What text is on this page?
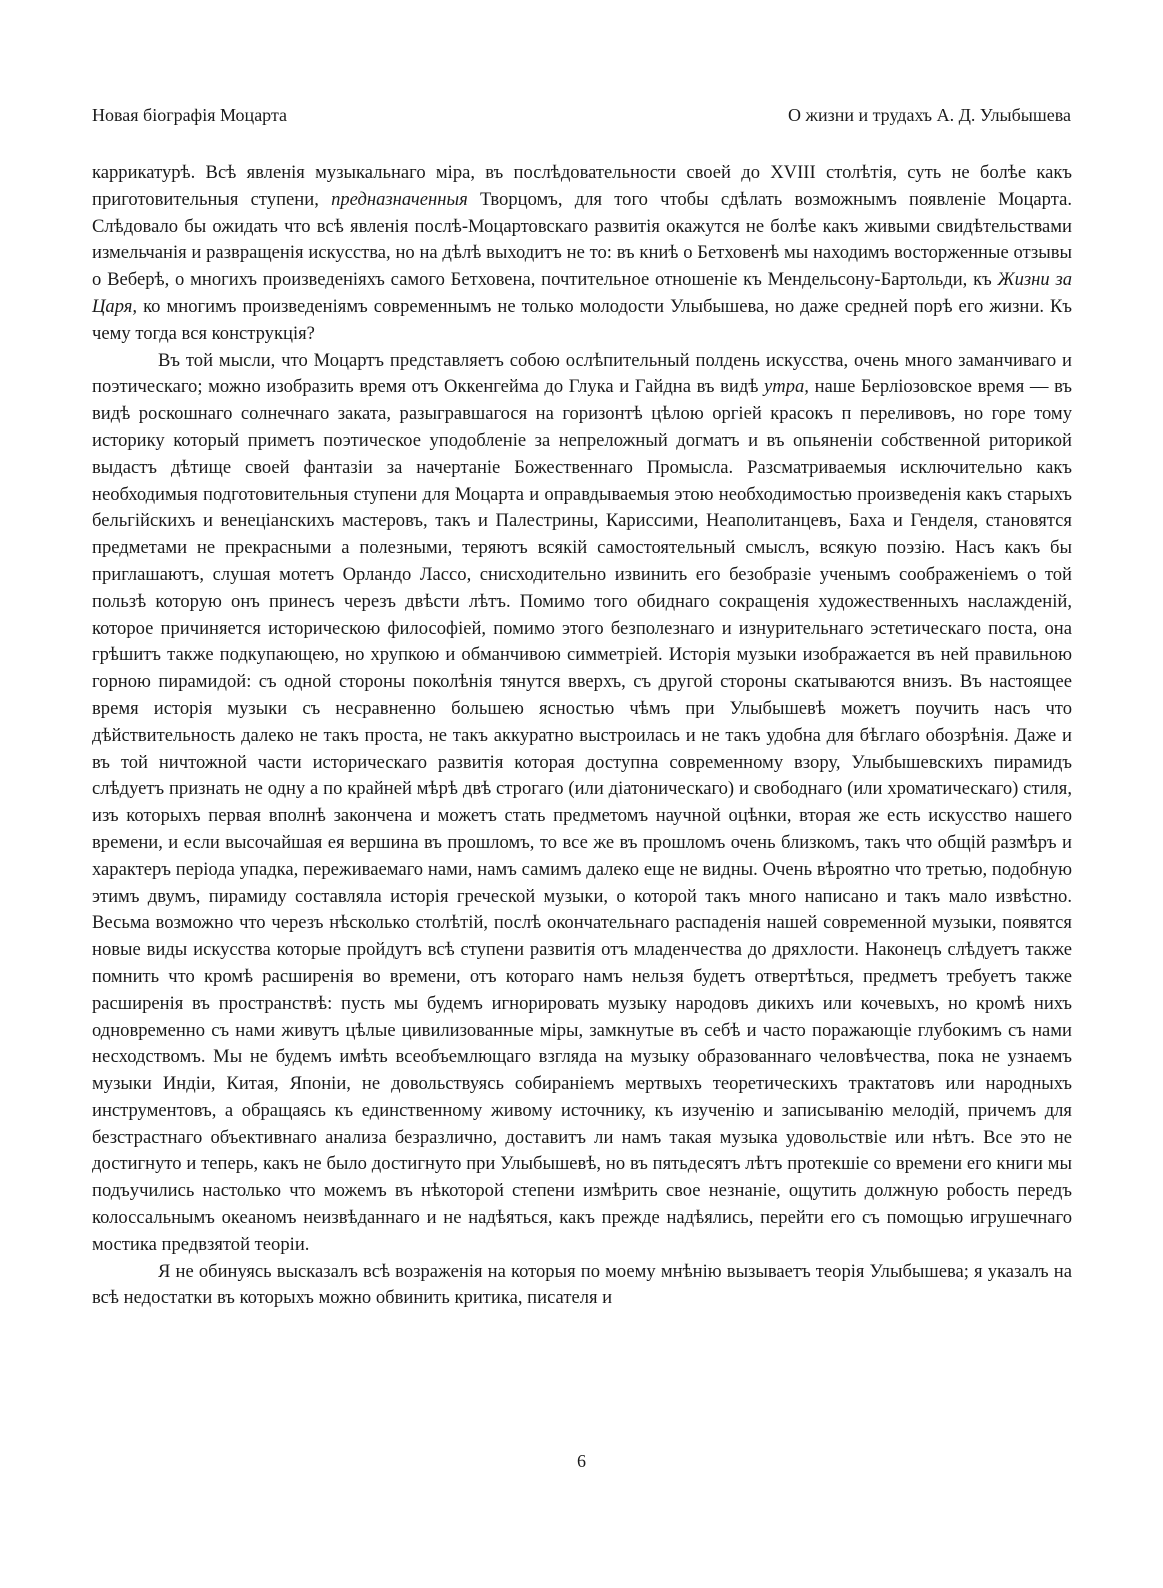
Новая біографія Моцарта	О жизни и трудахъ А. Д. Улыбышева

каррикатурѣ. Всѣ явленія музыкальнаго міра, въ послѣдовательности своей до XVIII столѣтія, суть не болѣе какъ приготовительныя ступени, предназначенныя Творцомъ, для того чтобы сдѣлать возможнымъ появленіе Моцарта. Слѣдовало бы ожидать что всѣ явленія послѣ-Моцартовскаго развитія окажутся не болѣе какъ живыми свидѣтельствами измельчанія и развращенія искусства, но на дѣлѣ выходитъ не то: въ книѣ о Бетховенѣ мы находимъ восторженные отзывы о Веберѣ, о многихъ произведеніяхъ самого Бетховена, почтительное отношеніе къ Мендельсону-Бартольди, къ Жизни за Царя, ко многимъ произведеніямъ современнымъ не только молодости Улыбышева, но даже средней порѣ его жизни. Къ чему тогда вся конструкція?

Въ той мысли, что Моцартъ представляетъ собою ослѣпительный полдень искусства, очень много заманчиваго и поэтическаго; можно изобразить время отъ Оккенгейма до Глука и Гайдна въ видѣ утра, наше Берліозовское время — въ видѣ роскошнаго солнечнаго заката, разыгравшагося на горизонтѣ цѣлою оргіей красокъ п переливовъ, но горе тому историку который приметъ поэтическое уподобленіе за непреложный догматъ и въ опьяненіи собственной риторикой выдастъ дѣтище своей фантазіи за начертаніе Божественнаго Промысла. Разсматриваемыя исключительно какъ необходимыя подготовительныя ступени для Моцарта и оправдываемыя этою необходимостью произведенія какъ старыхъ бельгійскихъ и венеціанскихъ мастеровъ, такъ и Палестрины, Кариссими, Неаполитанцевъ, Баха и Генделя, становятся предметами не прекрасными а полезными, теряютъ всякій самостоятельный смыслъ, всякую поэзію. Насъ какъ бы приглашаютъ, слушая мотетъ Орландо Лассо, снисходительно извинить его безобразіе ученымъ соображеніемъ о той пользѣ которую онъ принесъ черезъ двѣсти лѣтъ. Помимо того обиднаго сокращенія художественныхъ наслажденій, которое причиняется историческою философіей, помимо этого безполезнаго и изнурительнаго эстетическаго поста, она грѣшитъ также подкупающею, но хрупкою и обманчивою симметріей. Исторія музыки изображается въ ней правильною горною пирамидой: съ одной стороны поколѣнія тянутся вверхъ, съ другой стороны скатываются внизъ. Въ настоящее время исторія музыки съ несравненно большею ясностью чѣмъ при Улыбышевѣ можетъ поучить насъ что дѣйствительность далеко не такъ проста, не такъ аккуратно выстроилась и не такъ удобна для бѣглаго обозрѣнія. Даже и въ той ничтожной части историческаго развитія которая доступна современному взору, Улыбышевскихъ пирамидъ слѣдуетъ признать не одну а по крайней мѣрѣ двѣ строгаго (или діатоническаго) и свободнаго (или хроматическаго) стиля, изъ которыхъ первая вполнѣ закончена и можетъ стать предметомъ научной оцѣнки, вторая же есть искусство нашего времени, и если высочайшая ея вершина въ прошломъ, то все же въ прошломъ очень близкомъ, такъ что общій размѣръ и характеръ періода упадка, переживаемаго нами, намъ самимъ далеко еще не видны. Очень вѣроятно что третью, подобную этимъ двумъ, пирамиду составляла исторія греческой музыки, о которой такъ много написано и такъ мало извѣстно. Весьма возможно что черезъ нѣсколько столѣтій, послѣ окончательнаго распаденія нашей современной музыки, появятся новые виды искусства которые пройдутъ всѣ ступени развитія отъ младенчества до дряхлости. Наконецъ слѣдуетъ также помнить что кромѣ расширенія во времени, отъ котораго намъ нельзя будетъ отвертѣться, предметъ требуетъ также расширенія въ пространствѣ: пусть мы будемъ игнорировать музыку народовъ дикихъ или кочевыхъ, но кромѣ нихъ одновременно съ нами живутъ цѣлые цивилизованные міры, замкнутые въ себѣ и часто поражающіе глубокимъ съ нами несходствомъ. Мы не будемъ имѣть всеобъемлющаго взгляда на музыку образованнаго человѣчества, пока не узнаемъ музыки Индіи, Китая, Японіи, не довольствуясь собираніемъ мертвыхъ теоретическихъ трактатовъ или народныхъ инструментовъ, а обращаясь къ единственному живому источнику, къ изученію и записыванію мелодій, причемъ для безстрастнаго объективнаго анализа безразлично, доставитъ ли намъ такая музыка удовольствіе или нѣтъ. Все это не достигнуто и теперь, какъ не было достигнуто при Улыбышевѣ, но въ пятьдесятъ лѣтъ протекшіе со времени его книги мы подъучились настолько что можемъ въ нѣкоторой степени измѣрить свое незнаніе, ощутить должную робость передъ колоссальнымъ океаномъ неизвѣданнаго и не надѣяться, какъ прежде надѣялись, перейти его съ помощью игрушечнаго мостика предвзятой теоріи.

Я не обинуясь высказалъ всѣ возраженія на которыя по моему мнѣнію вызываетъ теорія Улыбышева; я указалъ на всѣ недостатки въ которыхъ можно обвинить критика, писателя и

6
